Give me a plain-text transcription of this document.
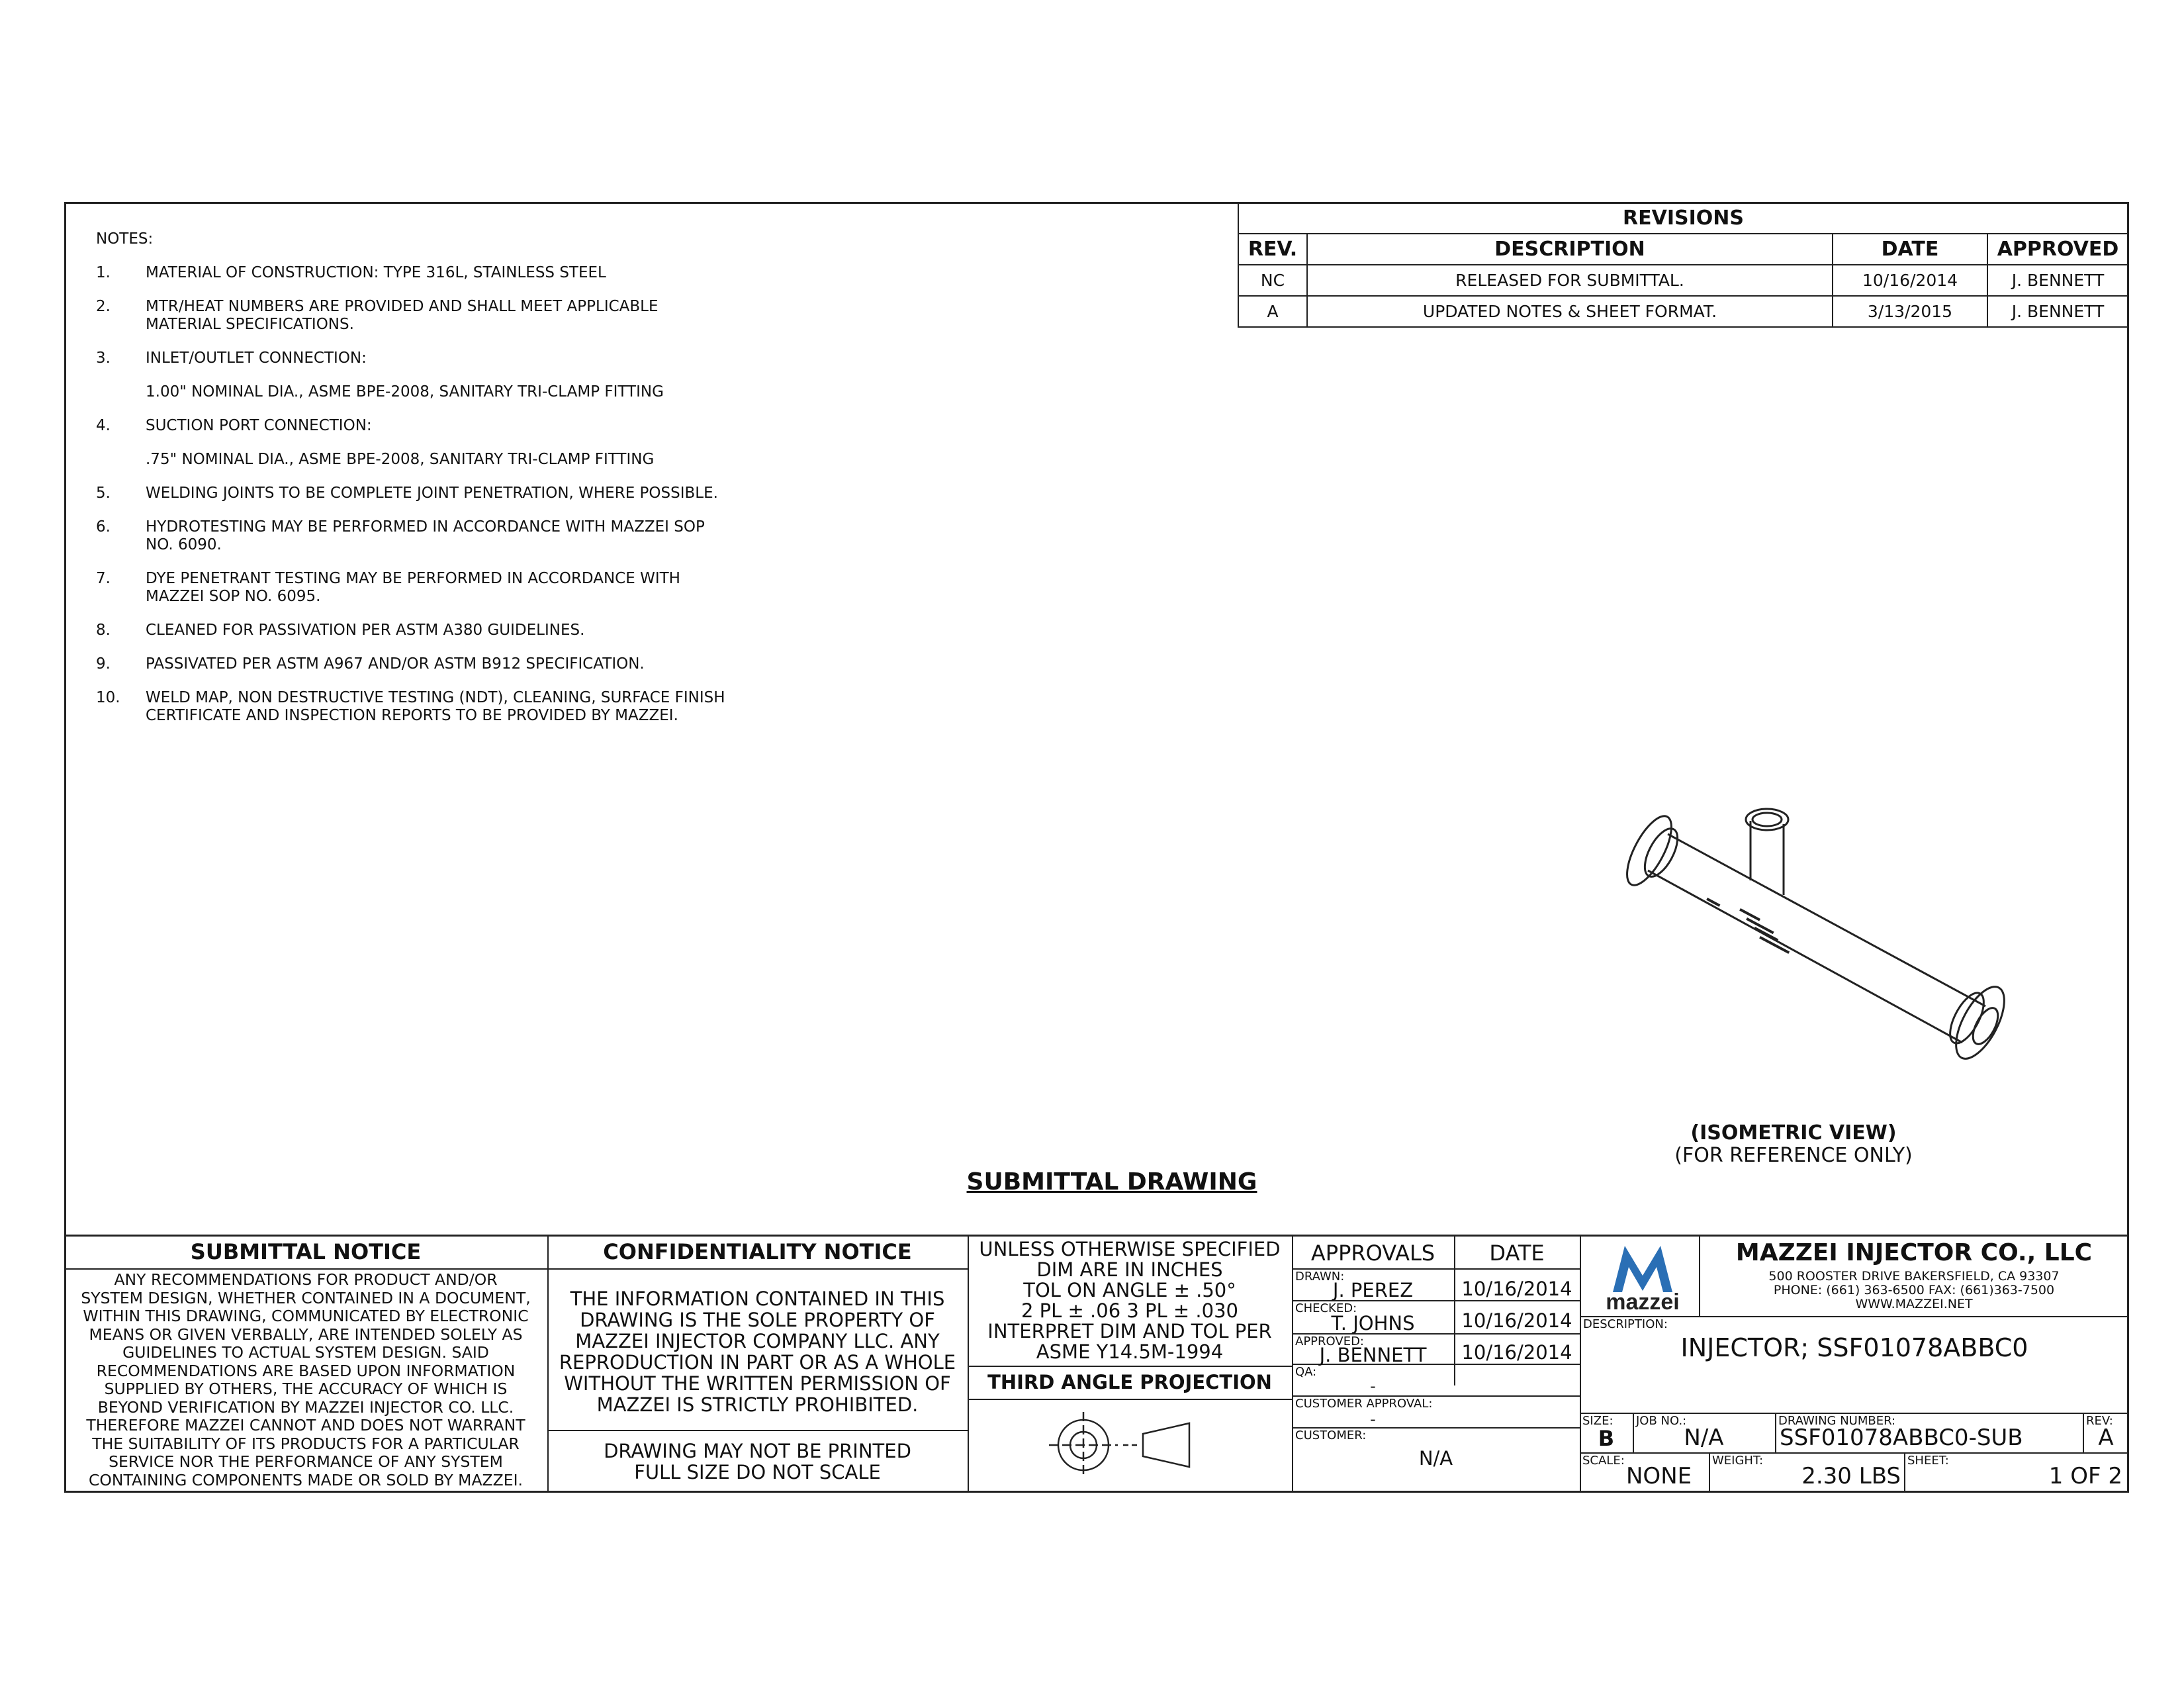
NOTES:
1.	MATERIAL OF CONSTRUCTION: TYPE 316L, STAINLESS STEEL
2.	MTR/HEAT NUMBERS ARE PROVIDED AND SHALL MEET APPLICABLE MATERIAL SPECIFICATIONS.
3.	INLET/OUTLET CONNECTION:
1.00" NOMINAL DIA., ASME BPE-2008, SANITARY TRI-CLAMP FITTING
4.	SUCTION PORT CONNECTION:
.75" NOMINAL DIA., ASME BPE-2008, SANITARY TRI-CLAMP FITTING
5.	WELDING JOINTS TO BE COMPLETE JOINT PENETRATION, WHERE POSSIBLE.
6.	HYDROTESTING MAY BE PERFORMED IN ACCORDANCE WITH MAZZEI SOP NO. 6090.
7.	DYE PENETRANT TESTING MAY BE PERFORMED IN ACCORDANCE WITH MAZZEI SOP NO. 6095.
8.	CLEANED FOR PASSIVATION PER ASTM A380 GUIDELINES.
9.	PASSIVATED PER ASTM A967 AND/OR ASTM B912 SPECIFICATION.
10.	WELD MAP, NON DESTRUCTIVE TESTING (NDT), CLEANING, SURFACE FINISH CERTIFICATE AND INSPECTION REPORTS TO BE PROVIDED BY MAZZEI.
REVISIONS			
REV.	DESCRIPTION	DATE	APPROVED
NC	RELEASED FOR SUBMITTAL.	10/16/2014	J. BENNETT
A	UPDATED NOTES & SHEET FORMAT.	3/13/2015	J. BENNETT
(ISOMETRIC VIEW)
(FOR REFERENCE ONLY)
SUBMITTAL DRAWING
SUBMITTAL NOTICE
ANY RECOMMENDATIONS FOR PRODUCT AND/OR
SYSTEM DESIGN, WHETHER CONTAINED IN A DOCUMENT,
WITHIN THIS DRAWING, COMMUNICATED BY ELECTRONIC
MEANS OR GIVEN VERBALLY, ARE INTENDED SOLELY AS
GUIDELINES TO ACTUAL SYSTEM DESIGN. SAID
RECOMMENDATIONS ARE BASED UPON INFORMATION
SUPPLIED BY OTHERS, THE ACCURACY OF WHICH IS
BEYOND VERIFICATION BY MAZZEI INJECTOR CO. LLC.
THEREFORE MAZZEI CANNOT AND DOES NOT WARRANT
THE SUITABILITY OF ITS PRODUCTS FOR A PARTICULAR
SERVICE NOR THE PERFORMANCE OF ANY SYSTEM
CONTAINING COMPONENTS MADE OR SOLD BY MAZZEI.
CONFIDENTIALITY NOTICE
THE INFORMATION CONTAINED IN THIS
DRAWING IS THE SOLE PROPERTY OF
MAZZEI INJECTOR COMPANY LLC. ANY
REPRODUCTION IN PART OR AS A WHOLE
WITHOUT THE WRITTEN PERMISSION OF
MAZZEI IS STRICTLY PROHIBITED.
DRAWING MAY NOT BE PRINTED
FULL SIZE DO NOT SCALE
UNLESS OTHERWISE SPECIFIED
DIM ARE IN INCHES
TOL ON ANGLE ± .50°
2 PL ± .06 3 PL ± .030
INTERPRET DIM AND TOL PER
ASME Y14.5M-1994
THIRD ANGLE PROJECTION
APPROVALS	DATE
DRAWN:
J. PEREZ	10/16/2014
CHECKED:
T. JOHNS	10/16/2014
APPROVED:
J. BENNETT	10/16/2014
QA:
-
CUSTOMER APPROVAL:
-
CUSTOMER:
N/A
mazzei
MAZZEI INJECTOR CO., LLC
500 ROOSTER DRIVE BAKERSFIELD, CA 93307
PHONE: (661) 363-6500 FAX: (661)363-7500
WWW.MAZZEI.NET
DESCRIPTION:
INJECTOR; SSF01078ABBC0
SIZE:
B
JOB NO.:
N/A
DRAWING NUMBER:
SSF01078ABBC0-SUB
REV:
A
SCALE:
NONE
WEIGHT:
2.30 LBS
SHEET:
1 OF 2
